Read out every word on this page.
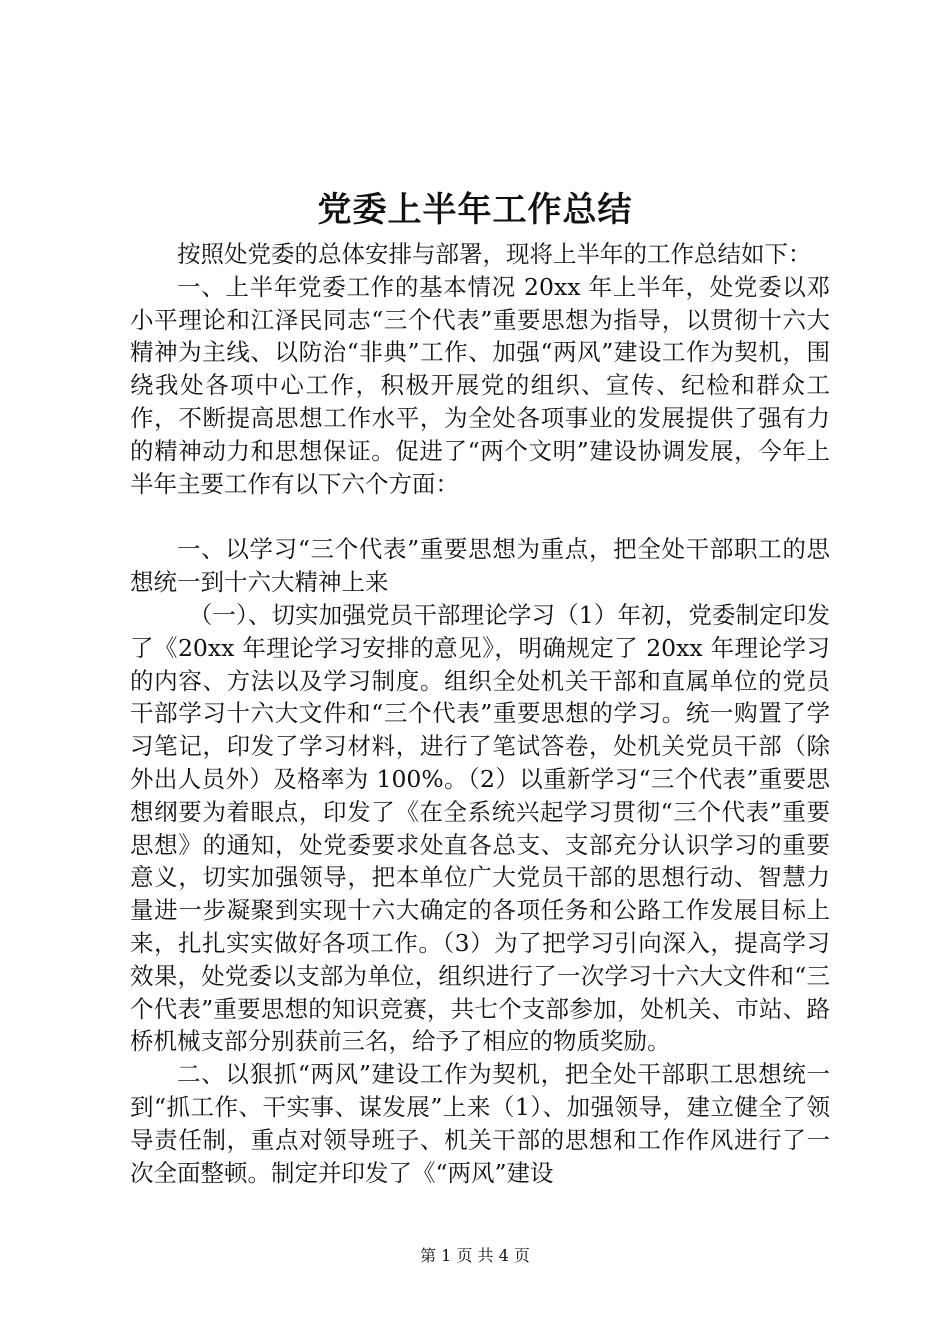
党委上半年工作总结

按照处党委的总体安排与部署，现将上半年的工作总结如下：

一、上半年党委工作的基本情况 20xx 年上半年，处党委以邓小平理论和江泽民同志“三个代表”重要思想为指导，以贯彻十六大精神为主线、以防治“非典”工作、加强“两风”建设工作为契机，围绕我处各项中心工作，积极开展党的组织、宣传、纪检和群众工作，不断提高思想工作水平，为全处各项事业的发展提供了强有力的精神动力和思想保证。促进了“两个文明”建设协调发展，今年上半年主要工作有以下六个方面：

一、以学习“三个代表”重要思想为重点，把全处干部职工的思想统一到十六大精神上来

（一）、切实加强党员干部理论学习（1）年初，党委制定印发了《20xx 年理论学习安排的意见》，明确规定了 20xx 年理论学习的内容、方法以及学习制度。组织全处机关干部和直属单位的党员干部学习十六大文件和“三个代表”重要思想的学习。统一购置了学习笔记，印发了学习材料，进行了笔试答卷，处机关党员干部（除外出人员外）及格率为 100%。（2）以重新学习“三个代表”重要思想纲要为着眼点，印发了《在全系统兴起学习贯彻“三个代表”重要思想》的通知，处党委要求处直各总支、支部充分认识学习的重要意义，切实加强领导，把本单位广大党员干部的思想行动、智慧力量进一步凝聚到实现十六大确定的各项任务和公路工作发展目标上来，扎扎实实做好各项工作。（3）为了把学习引向深入，提高学习效果，处党委以支部为单位，组织进行了一次学习十六大文件和“三个代表”重要思想的知识竞赛，共七个支部参加，处机关、市站、路桥机械支部分别获前三名，给予了相应的物质奖励。

二、以狠抓“两风”建设工作为契机，把全处干部职工思想统一到“抓工作、干实事、谋发展”上来（1）、加强领导，建立健全了领导责任制，重点对领导班子、机关干部的思想和工作作风进行了一次全面整顿。制定并印发了《“两风”建设

第 1 页 共 4 页
